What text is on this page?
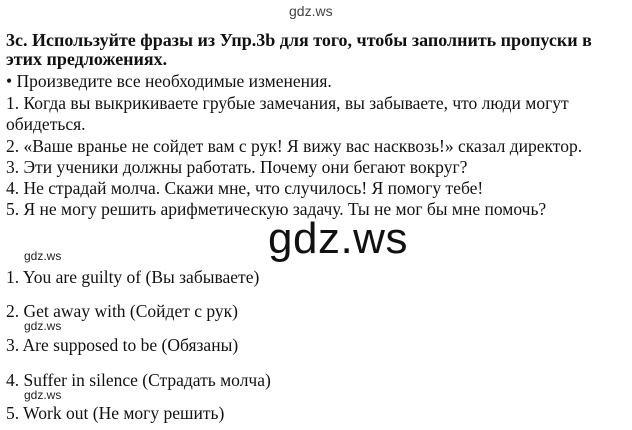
gdz.ws
3c. Используйте фразы из Упр.3b для того, чтобы заполнить пропуски в
этих предложениях.
• Произведите все необходимые изменения.
1. Когда вы выкрикиваете грубые замечания, вы забываете, что люди могут
обидеться.
2. «Ваше вранье не сойдет вам с рук! Я вижу вас насквозь!» сказал директор.
3. Эти ученики должны работать. Почему они бегают вокруг?
4. Не страдай молча. Скажи мне, что случилось! Я помогу тебе!
5. Я не могу решить арифметическую задачу. Ты не мог бы мне помочь?
gdz.ws
gdz.ws
1. You are guilty of (Вы забываете)
2. Get away with (Сойдет с рук)
gdz.ws
3. Are supposed to be (Обязаны)
4. Suffer in silence (Страдать молча)
gdz.ws
5. Work out (Не могу решить)
